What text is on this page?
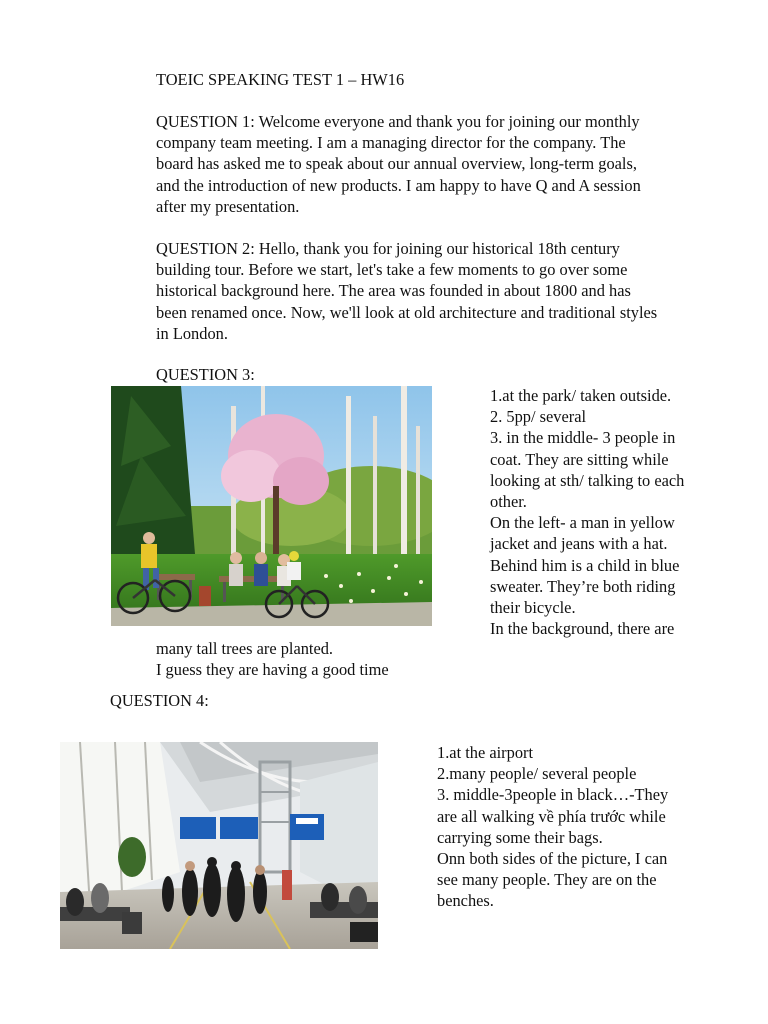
TOEIC SPEAKING TEST 1 – HW16
QUESTION 1: Welcome everyone and thank you for joining our monthly
company team meeting. I am a managing director for the company. The
board has asked me to speak about our annual overview, long-term goals,
and the introduction of new products. I am happy to have Q and A session
after my presentation.
QUESTION 2: Hello, thank you for joining our historical 18th century
building tour. Before we start, let's take a few moments to go over some
historical background here. The area was founded in about 1800 and has
been renamed once. Now, we'll look at old architecture and traditional styles
in London.
QUESTION 3:
1.at the park/ taken outside.
2. 5pp/ several
3. in the middle- 3 people in
coat. They are sitting while
looking at sth/ talking to each
other.
On the left- a man in yellow
jacket and jeans with a hat.
Behind him is a child in blue
sweater. They’re both riding
their bicycle.
In the background, there are
many tall trees are planted.
I guess they are having a good time
QUESTION 4:
1.at the airport
2.many people/ several people
3. middle-3people in black…-They
are all walking về phía trước while
carrying some their bags.
Onn both sides of the picture, I can
see many people. They are on the
benches.
